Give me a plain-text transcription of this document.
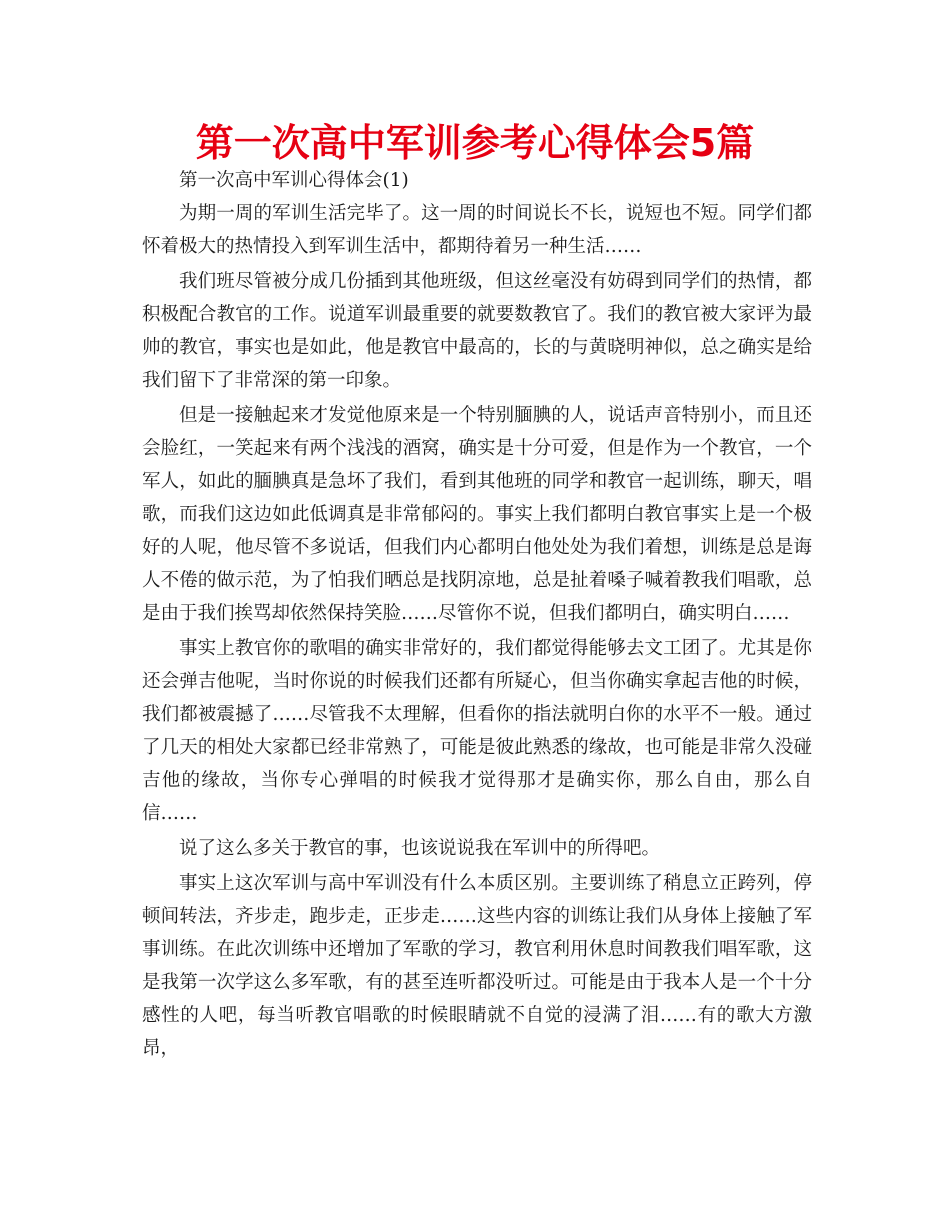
第一次高中军训参考心得体会5篇

第一次高中军训心得体会(1)

为期一周的军训生活完毕了。这一周的时间说长不长，说短也不短。同学们都怀着极大的热情投入到军训生活中，都期待着另一种生活……

我们班尽管被分成几份插到其他班级，但这丝毫没有妨碍到同学们的热情，都积极配合教官的工作。说道军训最重要的就要数教官了。我们的教官被大家评为最帅的教官，事实也是如此，他是教官中最高的，长的与黄晓明神似，总之确实是给我们留下了非常深的第一印象。

但是一接触起来才发觉他原来是一个特别腼腆的人，说话声音特别小，而且还会脸红，一笑起来有两个浅浅的酒窝，确实是十分可爱，但是作为一个教官，一个军人，如此的腼腆真是急坏了我们，看到其他班的同学和教官一起训练，聊天，唱歌，而我们这边如此低调真是非常郁闷的。事实上我们都明白教官事实上是一个极好的人呢，他尽管不多说话，但我们内心都明白他处处为我们着想，训练是总是诲人不倦的做示范，为了怕我们晒总是找阴凉地，总是扯着嗓子喊着教我们唱歌，总是由于我们挨骂却依然保持笑脸……尽管你不说，但我们都明白，确实明白……

事实上教官你的歌唱的确实非常好的，我们都觉得能够去文工团了。尤其是你还会弹吉他呢，当时你说的时候我们还都有所疑心，但当你确实拿起吉他的时候，我们都被震撼了……尽管我不太理解，但看你的指法就明白你的水平不一般。通过了几天的相处大家都已经非常熟了，可能是彼此熟悉的缘故，也可能是非常久没碰吉他的缘故，当你专心弹唱的时候我才觉得那才是确实你，那么自由，那么自信……

说了这么多关于教官的事，也该说说我在军训中的所得吧。

事实上这次军训与高中军训没有什么本质区别。主要训练了稍息立正跨列，停顿间转法，齐步走，跑步走，正步走……这些内容的训练让我们从身体上接触了军事训练。在此次训练中还增加了军歌的学习，教官利用休息时间教我们唱军歌，这是我第一次学这么多军歌，有的甚至连听都没听过。可能是由于我本人是一个十分感性的人吧，每当听教官唱歌的时候眼睛就不自觉的浸满了泪……有的歌大方激昂，
